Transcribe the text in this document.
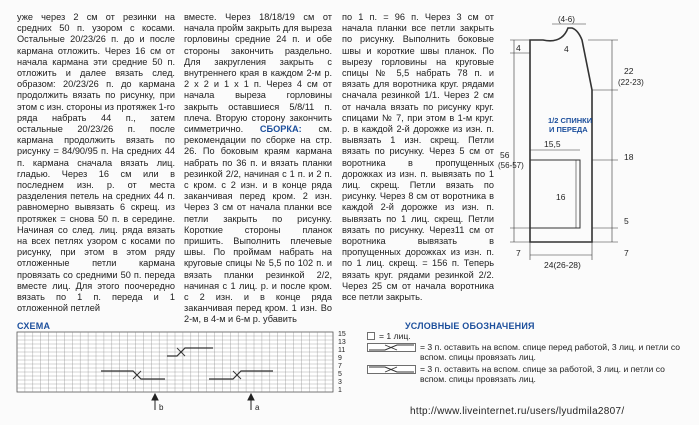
уже через 2 см от резинки на средних 50 п. узором с косами. Остальные 20/23/26 п. до и после кармана отложить. Через 16 см от начала кармана эти средние 50 п. отложить и далее вязать след. образом: 20/23/26 п. до кармана продолжить вязать по рисунку, при этом с изн. стороны из протяжек 1-го ряда набрать 44 п., затем остальные 20/23/26 п. после кармана продолжить вязать по рисунку = 84/90/95 п. На средних 44 п. кармана сначала вязать лиц. гладью. Через 16 см или в последнем изн. р. от места разделения петель на средних 44 п. равномерно вывязать 6 скрещ. из протяжек = снова 50 п. в середине. Начиная со след. лиц. ряда вязать на всех петлях узором с косами по рисунку, при этом в этом ряду отложенные петли кармана провязать со средними 50 п. переда вместе лиц. Для этого поочередно вязать по 1 п. переда и 1 отложенной петлей
вместе. Через 18/18/19 см от начала пройм закрыть для выреза горловины средние 24 п. и обе стороны закончить раздельно. Для закругления закрыть с внутреннего края в каждом 2-м р. 2 х 2 и 1 х 1 п. Через 4 см от начала выреза горловины закрыть оставшиеся 5/8/11 п. плеча. Вторую сторону закончить симметрично. СБОРКА: см. рекомендации по сборке на стр. 26. По боковым краям кармана набрать по 36 п. и вязать планки резинкой 2/2, начиная с 1 п. и 2 п. с кром. с 2 изн. и в конце ряда заканчивая перед кром. 2 изн. Через 3 см от начала планки все петли закрыть по рисунку. Короткие стороны планок пришить. Выполнить плечевые швы. По проймам набрать на круговые спицы № 5,5 по 102 п. и вязать планки резинкой 2/2, начиная с 1 лиц. р. и после кром. с 2 изн. и в конце ряда заканчивая перед кром. 1 изн. Во 2-м, в 4-м и 6-м р. убавить
по 1 п. = 96 п. Через 3 см от начала планки все петли закрыть по рисунку. Выполнить боковые швы и короткие швы планок. По вырезу горловины на круговые спицы № 5,5 набрать 78 п. и вязать для воротника круг. рядами сначала резинкой 1/1. Через 2 см от начала вязать по рисунку круг. спицами № 7, при этом в 1-м круг. р. в каждой 2-й дорожке из изн. п. вывязать 1 изн. скрещ. Петли вязать по рисунку. Через 5 см от воротника в пропущенных дорожках из изн. п. вывязать по 1 лиц. скрещ. Петли вязать по рисунку. Через 8 см от воротника в каждой 2-й дорожке из изн. п. вывязать по 1 лиц. скрещ. Петли вязать по рисунку. Через11 см от воротника вывязать в пропущенных дорожках из изн. п. по 1 лиц. скрещ. = 156 п. Теперь вязать круг. рядами резинкой 2/2. Через 25 см от начала воротника все петли закрыть.
(4-6)
4	4
22
(22-23)
1/2 СПИНКИ
И ПЕРЕДА
56
(56-57)
15,5
18
16
5
7	7
24(26-28)
СХЕМА
15
13
11
9
7
5
3
1
b	a
УСЛОВНЫЕ ОБОЗНАЧЕНИЯ
= 1 лиц.
= 3 п. оставить на вспом. спице перед работой, 3 лиц. и петли со
вспом. спицы провязать лиц.
= 3 п. оставить на вспом. спице за работой, 3 лиц. и петли со
вспом. спицы провязать лиц.
http://www.liveinternet.ru/users/lyudmila2807/
